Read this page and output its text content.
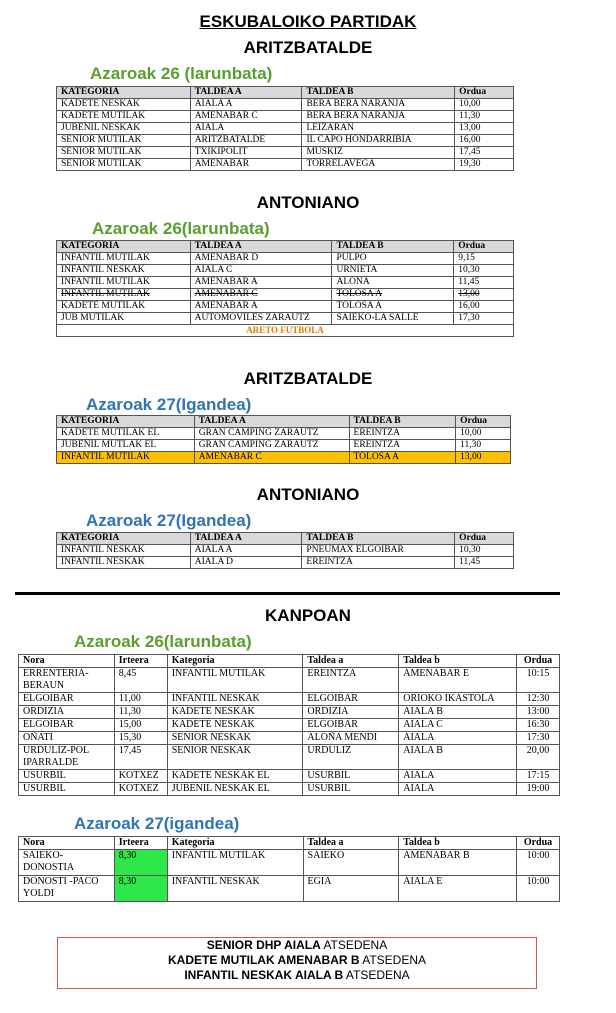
ESKUBALOIKO PARTIDAK
ARITZBATALDE
Azaroak 26 (larunbata)
KATEGORIA	TALDEA A	TALDEA B	Ordua
KADETE NESKAK	AIALA A	BERA BERA NARANJA	10,00
KADETE MUTILAK	AMENABAR C	BERA BERA NARANJA	11,30
JUBENIL NESKAK	AIALA	LEIZARAN	13,00
SENIOR MUTILAK	ARITZBATALDE	IL CAPO HONDARRIBIA	16,00
SENIOR MUTILAK	TXIKIPOLIT	MUSKIZ	17,45
SENIOR MUTILAK	AMENABAR	TORRELAVEGA	19,30
ANTONIANO
Azaroak 26(larunbata)
KATEGORIA	TALDEA A	TALDEA B	Ordua
INFANTIL MUTILAK	AMENABAR D	PULPO	9,15
INFANTIL NESKAK	AIALA C	URNIETA	10,30
INFANTIL MUTILAK	AMENABAR A	ALOÑA	11,45
INFANTIL MUTILAK	AMENABAR C	TOLOSA A	13,00
KADETE MUTILAK	AMENABAR A	TOLOSA A	16,00
JUB MUTILAK	AUTOMOVILES ZARAUTZ	SAIEKO-LA SALLE	17,30
ARETO FUTBOLA			
ARITZBATALDE
Azaroak 27(Igandea)
KATEGORIA	TALDEA A	TALDEA B	Ordua
KADETE MUTILAK EL	GRAN CAMPING ZARAUTZ	EREINTZA	10,00
JUBENIL MUTLAK EL	GRAN CAMPING ZARAUTZ	EREINTZA	11,30
INFANTIL MUTILAK	AMENABAR C	TOLOSA A	13,00
ANTONIANO
Azaroak 27(Igandea)
KATEGORIA	TALDEA A	TALDEA B	Ordua
INFANTIL NESKAK	AIALA A	PNEUMAX ELGOIBAR	10,30
INFANTIL NESKAK	AIALA D	EREINTZA	11,45
KANPOAN
Azaroak 26(larunbata)
Nora	Irteera	Kategoria	Taldea a	Taldea b	Orduа
ERRENTERIA-BERAUN	8,45	INFANTIL MUTILAK	EREINTZA	AMENABAR E	10:15
ELGOIBAR	11,00	INFANTIL NESKAK	ELGOIBAR	ORIOKO IKASTOLA	12:30
ORDIZIA	11,30	KADETE NESKAK	ORDIZIA	AIALA B	13:00
ELGOIBAR	15,00	KADETE NESKAK	ELGOIBAR	AIALA C	16:30
OÑATI	15,30	SENIOR NESKAK	ALOÑA MENDI	AIALA	17:30
URDULIZ-POL IPARRALDE	17,45	SENIOR NESKAK	URDULIZ	AIALA B	20,00
USURBIL	KOTXEZ	KADETE NESKAK EL	USURBIL	AIALA	17:15
USURBIL	KOTXEZ	JUBENIL NESKAK EL	USURBIL	AIALA	19:00
Azaroak 27(igandea)
Nora	Irteera	Kategoria	Taldea a	Taldea b	Orduа
SAIEKO-DONOSTIA	8,30	INFANTIL MUTILAK	SAIEKO	AMENABAR B	10:00
DONOSTI -PACO YOLDI	8,30	INFANTIL NESKAK	EGIA	AIALA E	10:00
SENIOR DHP AIALA ATSEDENA
KADETE MUTILAK AMENABAR B ATSEDENA
INFANTIL NESKAK AIALA B ATSEDENA
